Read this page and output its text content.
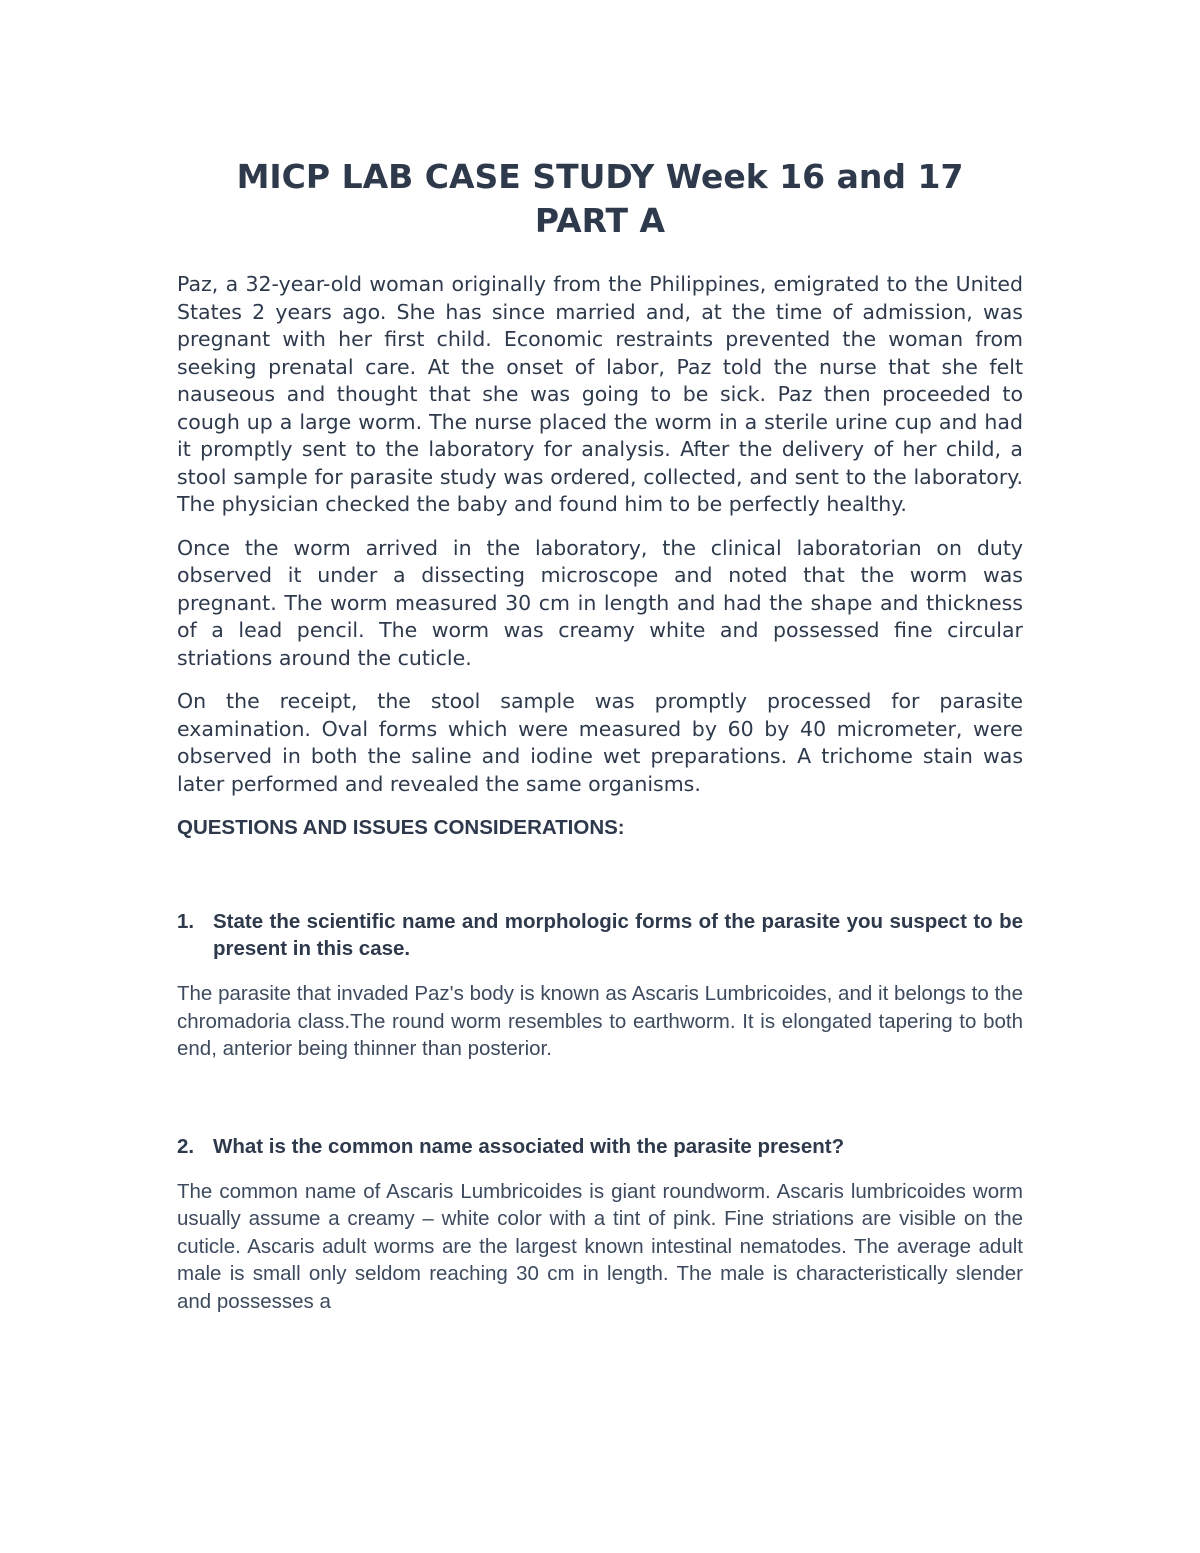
MICP LAB CASE STUDY Week 16 and 17
PART A

Paz, a 32-year-old woman originally from the Philippines, emigrated to the United States 2 years ago. She has since married and, at the time of admission, was pregnant with her first child. Economic restraints prevented the woman from seeking prenatal care. At the onset of labor, Paz told the nurse that she felt nauseous and thought that she was going to be sick. Paz then proceeded to cough up a large worm. The nurse placed the worm in a sterile urine cup and had it promptly sent to the laboratory for analysis. After the delivery of her child, a stool sample for parasite study was ordered, collected, and sent to the laboratory. The physician checked the baby and found him to be perfectly healthy.

Once the worm arrived in the laboratory, the clinical laboratorian on duty observed it under a dissecting microscope and noted that the worm was pregnant. The worm measured 30 cm in length and had the shape and thickness of a lead pencil. The worm was creamy white and possessed fine circular striations around the cuticle.

On the receipt, the stool sample was promptly processed for parasite examination. Oval forms which were measured by 60 by 40 micrometer, were observed in both the saline and iodine wet preparations. A trichome stain was later performed and revealed the same organisms.

QUESTIONS AND ISSUES CONSIDERATIONS:
1. State the scientific name and morphologic forms of the parasite you suspect to be present in this case.

The parasite that invaded Paz's body is known as Ascaris Lumbricoides, and it belongs to the chromadoria class.The round worm resembles to earthworm. It is elongated tapering to both end, anterior being thinner than posterior.

2. What is the common name associated with the parasite present?

The common name of Ascaris Lumbricoides is giant roundworm. Ascaris lumbricoides worm usually assume a creamy – white color with a tint of pink. Fine striations are visible on the cuticle. Ascaris adult worms are the largest known intestinal nematodes. The average adult male is small only seldom reaching 30 cm in length. The male is characteristically slender and possesses a
